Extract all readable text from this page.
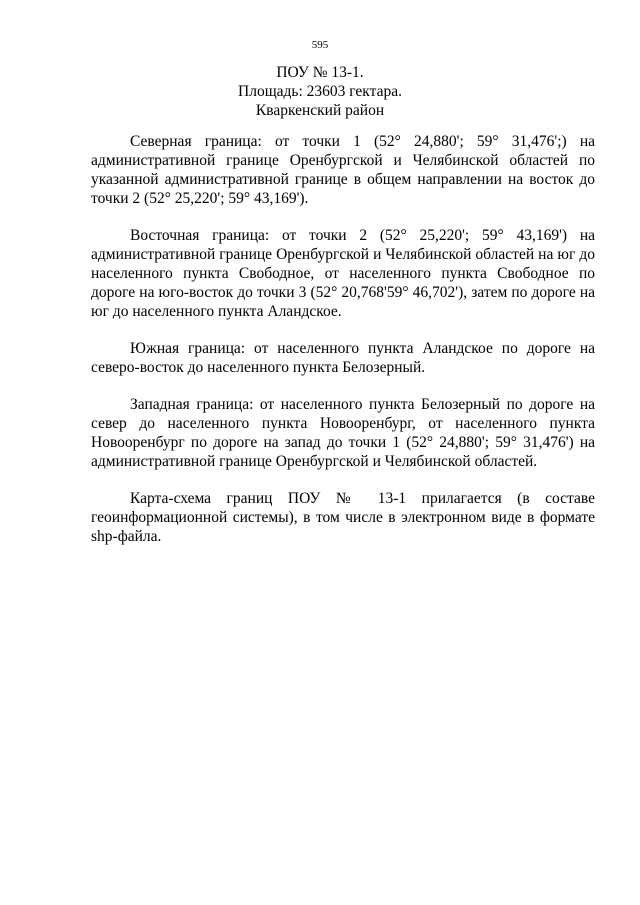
595
ПОУ № 13-1.
Площадь: 23603 гектара.
Кваркенский район

Северная граница: от точки 1 (52° 24,880'; 59° 31,476';) на административной границе Оренбургской и Челябинской областей по указанной административной границе в общем направлении на восток до точки 2 (52° 25,220'; 59° 43,169').

Восточная граница: от точки 2 (52° 25,220'; 59° 43,169') на административной границе Оренбургской и Челябинской областей на юг до населенного пункта Свободное, от населенного пункта Свободное по дороге на юго-восток до точки 3 (52° 20,768'59° 46,702'), затем по дороге на юг до населенного пункта Аландское.

Южная граница: от населенного пункта Аландское по дороге на северо-восток до населенного пункта Белозерный.

Западная граница: от населенного пункта Белозерный по дороге на север до населенного пункта Новооренбург, от населенного пункта Новооренбург по дороге на запад до точки 1 (52° 24,880'; 59° 31,476') на административной границе Оренбургской и Челябинской областей.

Карта-схема границ ПОУ № 13-1 прилагается (в составе геоинформационной системы), в том числе в электронном виде в формате shp-файла.
